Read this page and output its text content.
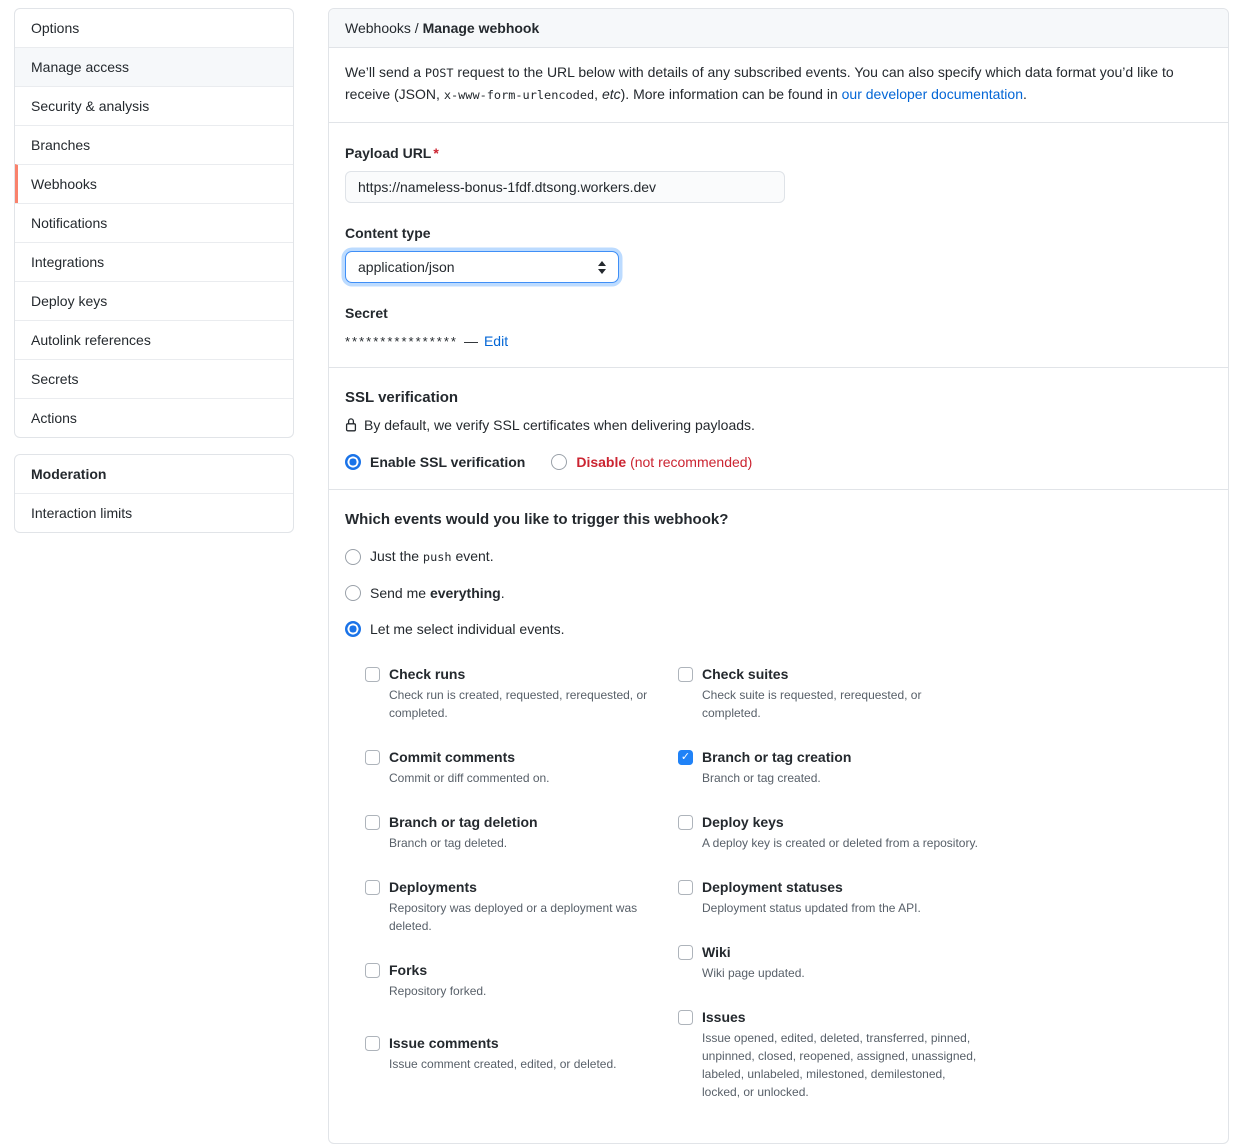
Options
Manage access
Security & analysis
Branches
Webhooks
Notifications
Integrations
Deploy keys
Autolink references
Secrets
Actions
Moderation
Interaction limits
Webhooks / Manage webhook
We’ll send a POST request to the URL below with details of any subscribed events. You can also specify which data format you’d like to receive (JSON, x-www-form-urlencoded, etc). More information can be found in our developer documentation.
Payload URL *
https://nameless-bonus-1fdf.dtsong.workers.dev
Content type
application/json
Secret
**************** — Edit
SSL verification
By default, we verify SSL certificates when delivering payloads.
Enable SSL verification	Disable (not recommended)
Which events would you like to trigger this webhook?
Just the push event.
Send me everything.
Let me select individual events.
Check runs
Check run is created, requested, rerequested, or completed.
Commit comments
Commit or diff commented on.
Branch or tag deletion
Branch or tag deleted.
Deployments
Repository was deployed or a deployment was deleted.
Forks
Repository forked.
Issue comments
Issue comment created, edited, or deleted.
Check suites
Check suite is requested, rerequested, or completed.
✓
Branch or tag creation
Branch or tag created.
Deploy keys
A deploy key is created or deleted from a repository.
Deployment statuses
Deployment status updated from the API.
Wiki
Wiki page updated.
Issues
Issue opened, edited, deleted, transferred, pinned, unpinned, closed, reopened, assigned, unassigned, labeled, unlabeled, milestoned, demilestoned, locked, or unlocked.
